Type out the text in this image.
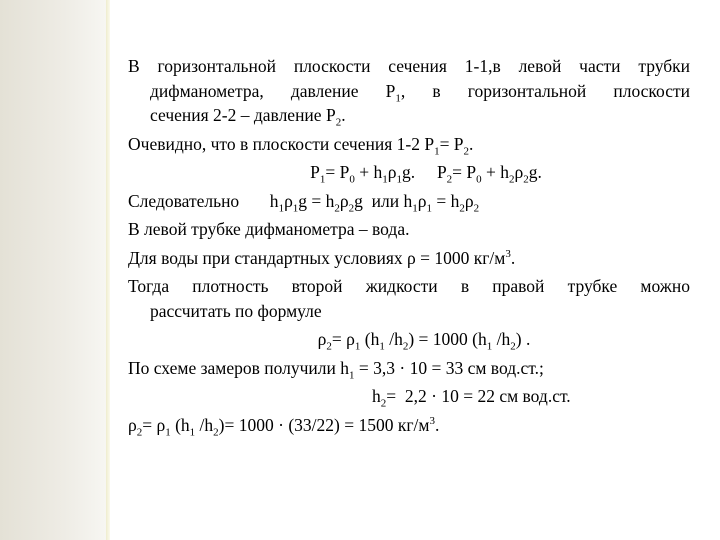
В горизонтальной плоскости сечения 1-1,в левой части трубки

дифманометра, давление $Р_1$, в горизонтальной плоскости

сечения 2-2 – давление $Р_2$.

Очевидно, что в плоскости сечения 1-2 $Р_1= Р_2$.

$Р_1= Р_0 + h_1\rho_1g$.     $Р_2= Р_0 + h_2\rho_2g$.

Следовательно       $h_1\rho_1g = h_2\rho_2g$  или $h_1\rho_1 = h_2\rho_2$

В левой трубке дифманометра – вода.

Для воды при стандартных условиях ρ = 1000 $кг/м^3$.

Тогда плотность второй жидкости в правой трубке можно

рассчитать по формуле

$\rho_2= \rho_1$ ($h_1$ $/h_2) = 1000$ ($h_1$ $/h_2$) .

По схеме замеров получили $h_1 = 3,3 \cdot 10 = 33$ см вод.ст.;

$h_2= 2,2 \cdot 10 = 22$ см вод.ст.

$\rho_2= \rho_1$ ($h_1$ $/h_2)= 1000 \cdot (33/22) = 1500$ $кг/м^3$.
